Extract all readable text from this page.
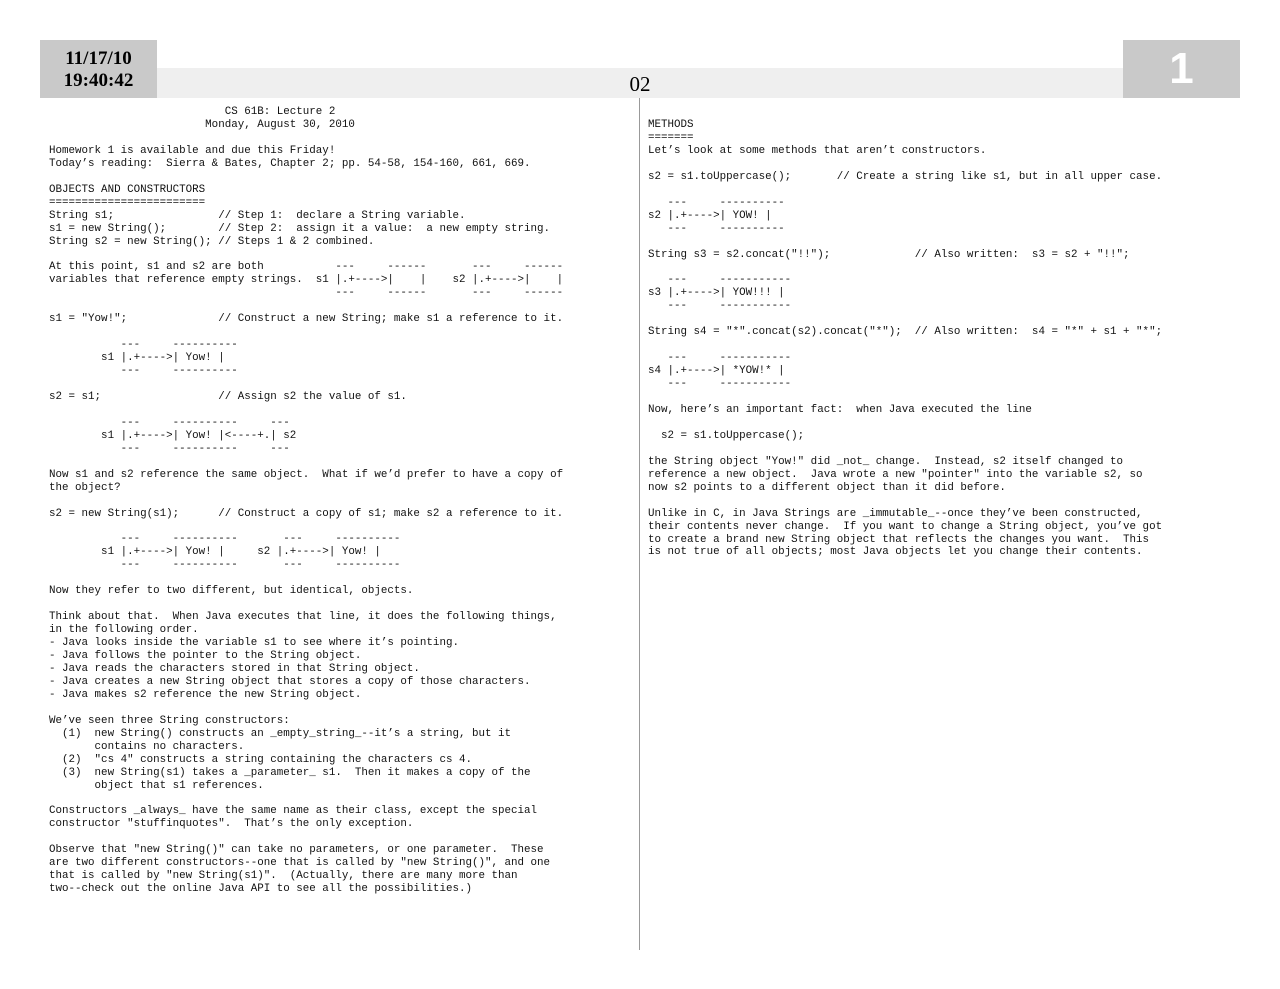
11/17/10
19:40:42	02	1
CS 61B: Lecture 2
Monday, August 30, 2010

Homework 1 is available and due this Friday!
Today’s reading:  Sierra & Bates, Chapter 2; pp. 54-58, 154-160, 661, 669.

OBJECTS AND CONSTRUCTORS
========================
String s1;                // Step 1:  declare a String variable.
s1 = new String();        // Step 2:  assign it a value:  a new empty string.
String s2 = new String(); // Steps 1 & 2 combined.

At this point, s1 and s2 are both           ---     ------       ---     ------
variables that reference empty strings.  s1 |.+---->|    |    s2 |.+---->|    |
---     ------       ---     ------

s1 = "Yow!";              // Construct a new String; make s1 a reference to it.

---     ----------
s1 |.+---->| Yow! |
---     ----------

s2 = s1;                  // Assign s2 the value of s1.

---     ----------     ---
s1 |.+---->| Yow! |<----+.| s2
---     ----------     ---

Now s1 and s2 reference the same object.  What if we’d prefer to have a copy of
the object?

s2 = new String(s1);      // Construct a copy of s1; make s2 a reference to it.

---     ----------       ---     ----------
s1 |.+---->| Yow! |     s2 |.+---->| Yow! |
---     ----------       ---     ----------

Now they refer to two different, but identical, objects.

Think about that.  When Java executes that line, it does the following things,
in the following order.
- Java looks inside the variable s1 to see where it’s pointing.
- Java follows the pointer to the String object.
- Java reads the characters stored in that String object.
- Java creates a new String object that stores a copy of those characters.
- Java makes s2 reference the new String object.

We’ve seen three String constructors:
(1)  new String() constructs an _empty_string_--it’s a string, but it
contains no characters.
(2)  "cs 4" constructs a string containing the characters cs 4.
(3)  new String(s1) takes a _parameter_ s1.  Then it makes a copy of the
object that s1 references.

Constructors _always_ have the same name as their class, except the special
constructor "stuffinquotes".  That’s the only exception.

Observe that "new String()" can take no parameters, or one parameter.  These
are two different constructors--one that is called by "new String()", and one
that is called by "new String(s1)".  (Actually, there are many more than
two--check out the online Java API to see all the possibilities.)
METHODS
=======
Let’s look at some methods that aren’t constructors.

s2 = s1.toUppercase();       // Create a string like s1, but in all upper case.

---     ----------
s2 |.+---->| YOW! |
---     ----------

String s3 = s2.concat("!!");             // Also written:  s3 = s2 + "!!";

---     -----------
s3 |.+---->| YOW!!! |
---     -----------

String s4 = "*".concat(s2).concat("*");  // Also written:  s4 = "*" + s1 + "*";

---     -----------
s4 |.+---->| *YOW!* |
---     -----------

Now, here’s an important fact:  when Java executed the line

s2 = s1.toUppercase();

the String object "Yow!" did _not_ change.  Instead, s2 itself changed to
reference a new object.  Java wrote a new "pointer" into the variable s2, so
now s2 points to a different object than it did before.

Unlike in C, in Java Strings are _immutable_--once they’ve been constructed,
their contents never change.  If you want to change a String object, you’ve got
to create a brand new String object that reflects the changes you want.  This
is not true of all objects; most Java objects let you change their contents.
